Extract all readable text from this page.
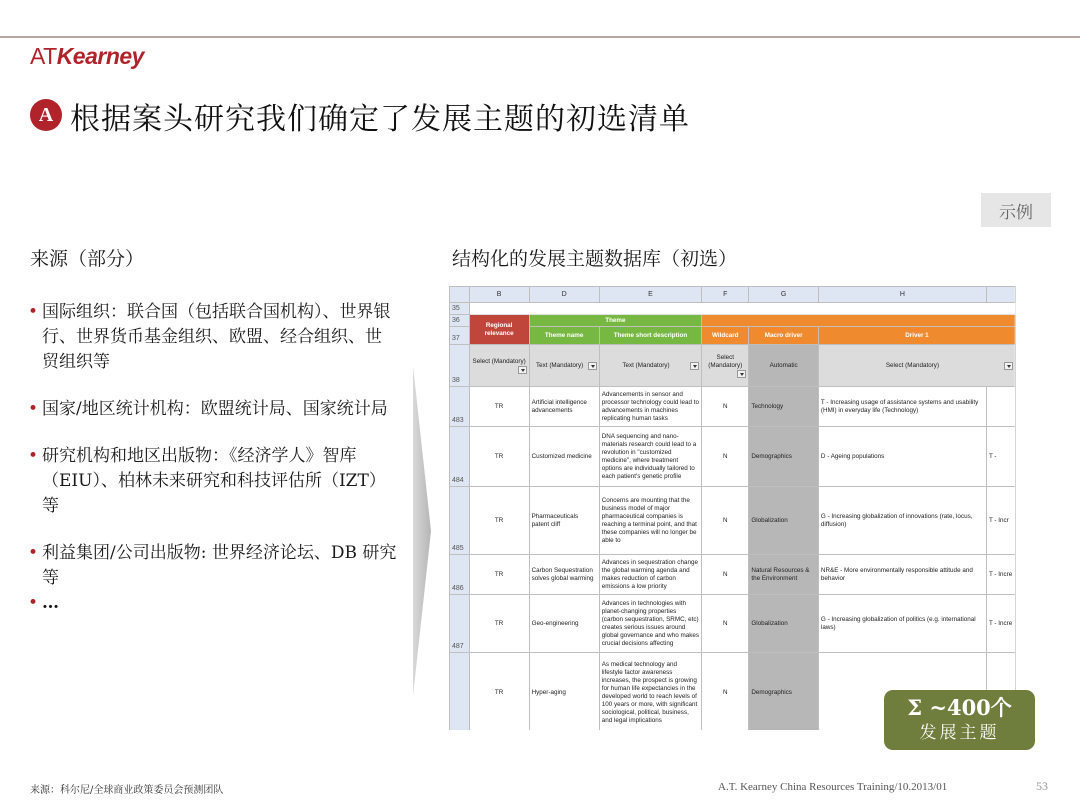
ATKearney
A 根据案头研究我们确定了发展主题的初选清单
示例
来源（部分）	结构化的发展主题数据库（初选）
• 国际组织：联合国（包括联合国机构）、世界银行、世界货币基金组织、欧盟、经合组织、世贸组织等
• 国家/地区统计机构：欧盟统计局、国家统计局
• 研究机构和地区出版物：《经济学人》智库（EIU）、柏林未来研究和科技评估所（IZT）等
• 利益集团/公司出版物: 世界经济论坛、DB 研究等
• …
	B	D	E	F	G	H	
35							
36	Regional relevance	Theme					
37		Theme name	Theme short description	Wildcard	Macro driver	Driver 1	
38	Select (Mandatory)	Text (Mandatory)	Text (Mandatory)	Select (Mandatory)	Automatic	Select (Mandatory)	

483	TR	Artificial intelligence advancements	Advancements in sensor and processor technology could lead to advancements in machines replicating human tasks	N	Technology	T - Increasing usage of assistance systems and usability (HMI) in everyday life (Technology)	
484	TR	Customized medicine	DNA sequencing and nano-materials research could lead to a revolution in "customized medicine", where treatment options are individually tailored to each patient's genetic profile	N	Demographics	D - Ageing populations	T -
485	TR	Pharmaceuticals patent cliff	Concerns are mounting that the business model of major pharmaceutical companies is reaching a terminal point, and that these companies will no longer be able to	N	Globalization	G - Increasing globalization of innovations (rate, locus, diffusion)	T - Incr
486	TR	Carbon Sequestration solves global warming	Advances in sequestration change the global warming agenda and makes reduction of carbon emissions a low priority	N	Natural Resources & the Environment	NR&E - More environmentally responsible attitude and behavior	T - Incre
487	TR	Geo-engineering	Advances in technologies with planet-changing properties (carbon sequestration, SRMC, etc) creates serious issues around global governance and who makes crucial decisions affecting	N	Globalization	G - Increasing globalization of politics (e.g. international laws)	T - Incre
	TR	Hyper-aging	As medical technology and lifestyle factor awareness increases, the prospect is growing for human life expectancies in the developed world to reach levels of 100 years or more, with significant sociological, political, business, and legal implications	N	Demographics		
Σ ~400个
发展主题
来源：科尔尼/全球商业政策委员会预测团队	A.T. Kearney China Resources Training/10.2013/01	53
